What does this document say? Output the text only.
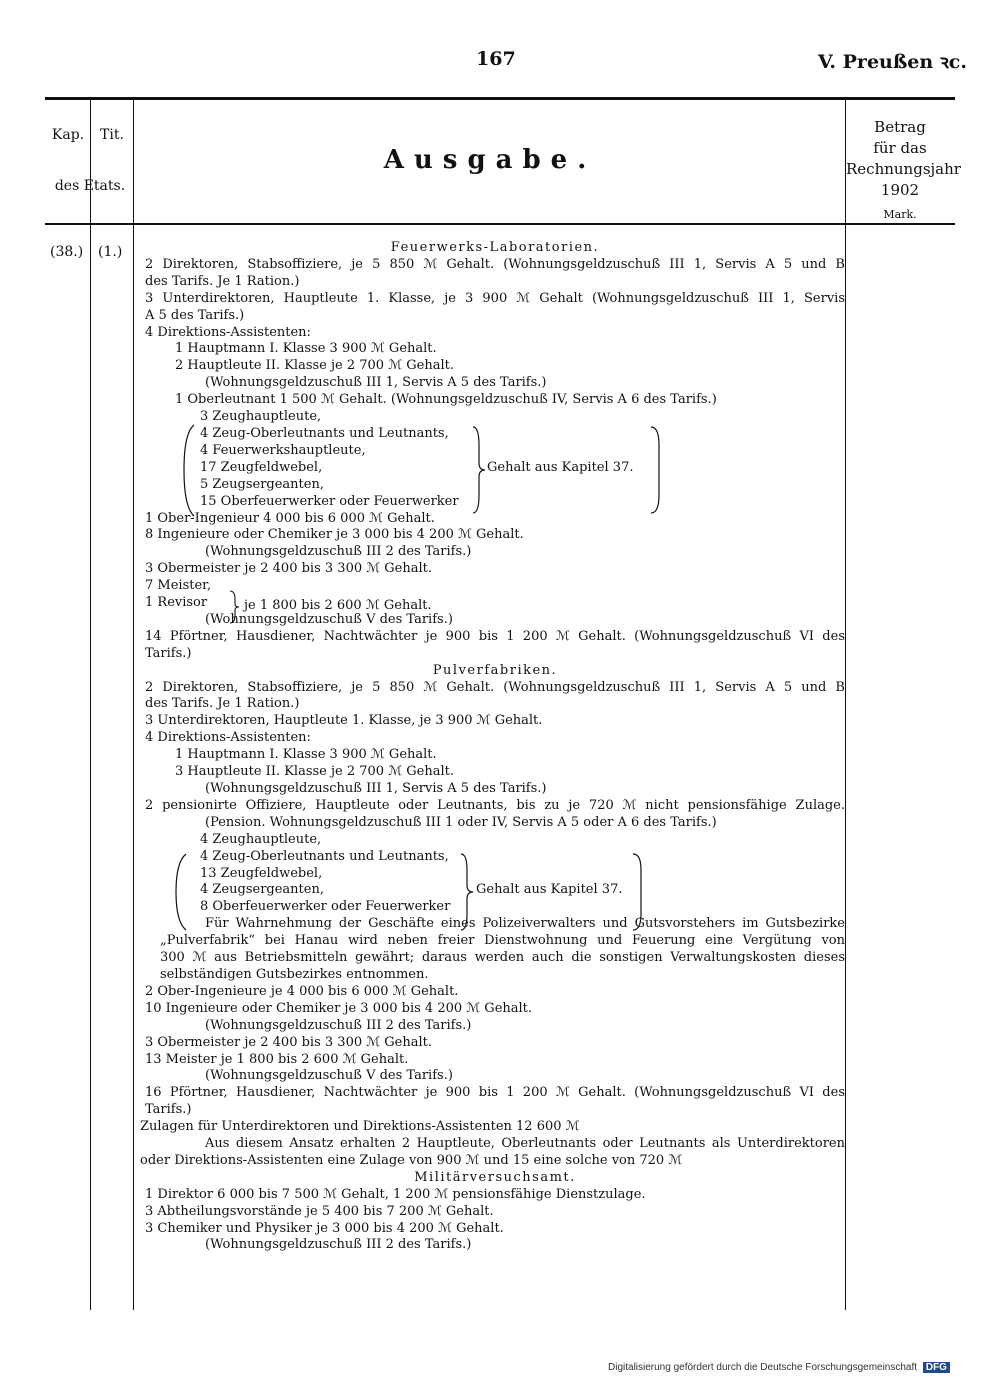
167	V. Preußen ꝛc.
Kap.	Tit.
des Etats.
Ausgabe.
Betrag
für das
Rechnungsjahr
1902
Mark.
(38.) (1.)	Feuerwerks-Laboratorien.
2 Direktoren, Stabsoffiziere, je 5 850 ℳ Gehalt. (Wohnungsgeldzuschuß III 1, Servis A 5 und B
des Tarifs. Je 1 Ration.)
3 Unterdirektoren, Hauptleute 1. Klasse, je 3 900 ℳ Gehalt (Wohnungsgeldzuschuß III 1, Servis
A 5 des Tarifs.)
4 Direktions-Assistenten:
1 Hauptmann I. Klasse 3 900 ℳ Gehalt.
2 Hauptleute II. Klasse je 2 700 ℳ Gehalt.
(Wohnungsgeldzuschuß III 1, Servis A 5 des Tarifs.)
1 Oberleutnant 1 500 ℳ Gehalt. (Wohnungsgeldzuschuß IV, Servis A 6 des Tarifs.)
3 Zeughauptleute,
4 Zeug-Oberleutnants und Leutnants,
4 Feuerwerkshauptleute,
17 Zeugfeldwebel,
5 Zeugsergeanten,
15 Oberfeuerwerker oder Feuerwerker
1 Ober-Ingenieur 4 000 bis 6 000 ℳ Gehalt.
8 Ingenieure oder Chemiker je 3 000 bis 4 200 ℳ Gehalt.
(Wohnungsgeldzuschuß III 2 des Tarifs.)
3 Obermeister je 2 400 bis 3 300 ℳ Gehalt.
7 Meister,
1 Revisor
(Wohnungsgeldzuschuß V des Tarifs.)
14 Pförtner, Hausdiener, Nachtwächter je 900 bis 1 200 ℳ Gehalt. (Wohnungsgeldzuschuß VI des
Tarifs.)
Pulverfabriken.
2 Direktoren, Stabsoffiziere, je 5 850 ℳ Gehalt. (Wohnungsgeldzuschuß III 1, Servis A 5 und B
des Tarifs. Je 1 Ration.)
3 Unterdirektoren, Hauptleute 1. Klasse, je 3 900 ℳ Gehalt.
4 Direktions-Assistenten:
1 Hauptmann I. Klasse 3 900 ℳ Gehalt.
3 Hauptleute II. Klasse je 2 700 ℳ Gehalt.
(Wohnungsgeldzuschuß III 1, Servis A 5 des Tarifs.)
2 pensionirte Offiziere, Hauptleute oder Leutnants, bis zu je 720 ℳ nicht pensionsfähige Zulage.
(Pension. Wohnungsgeldzuschuß III 1 oder IV, Servis A 5 oder A 6 des Tarifs.)
4 Zeughauptleute,
4 Zeug-Oberleutnants und Leutnants,
13 Zeugfeldwebel,
4 Zeugsergeanten,
8 Oberfeuerwerker oder Feuerwerker
Für Wahrnehmung der Geschäfte eines Polizeiverwalters und Gutsvorstehers im Gutsbezirke
„Pulverfabrik“ bei Hanau wird neben freier Dienstwohnung und Feuerung eine Vergütung von
300 ℳ aus Betriebsmitteln gewährt; daraus werden auch die sonstigen Verwaltungskosten dieses
selbständigen Gutsbezirkes entnommen.
2 Ober-Ingenieure je 4 000 bis 6 000 ℳ Gehalt.
10 Ingenieure oder Chemiker je 3 000 bis 4 200 ℳ Gehalt.
(Wohnungsgeldzuschuß III 2 des Tarifs.)
3 Obermeister je 2 400 bis 3 300 ℳ Gehalt.
13 Meister je 1 800 bis 2 600 ℳ Gehalt.
(Wohnungsgeldzuschuß V des Tarifs.)
16 Pförtner, Hausdiener, Nachtwächter je 900 bis 1 200 ℳ Gehalt. (Wohnungsgeldzuschuß VI des
Tarifs.)
Zulagen für Unterdirektoren und Direktions-Assistenten 12 600 ℳ
Aus diesem Ansatz erhalten 2 Hauptleute, Oberleutnants oder Leutnants als Unterdirektoren
oder Direktions-Assistenten eine Zulage von 900 ℳ und 15 eine solche von 720 ℳ
Militärversuchsamt.
1 Direktor 6 000 bis 7 500 ℳ Gehalt, 1 200 ℳ pensionsfähige Dienstzulage.
3 Abtheilungsvorstände je 5 400 bis 7 200 ℳ Gehalt.
3 Chemiker und Physiker je 3 000 bis 4 200 ℳ Gehalt.
(Wohnungsgeldzuschuß III 2 des Tarifs.)
Gehalt aus Kapitel 37.
je 1 800 bis 2 600 ℳ Gehalt.
Gehalt aus Kapitel 37.
Digitalisierung gefördert durch die Deutsche Forschungsgemeinschaft DFG
